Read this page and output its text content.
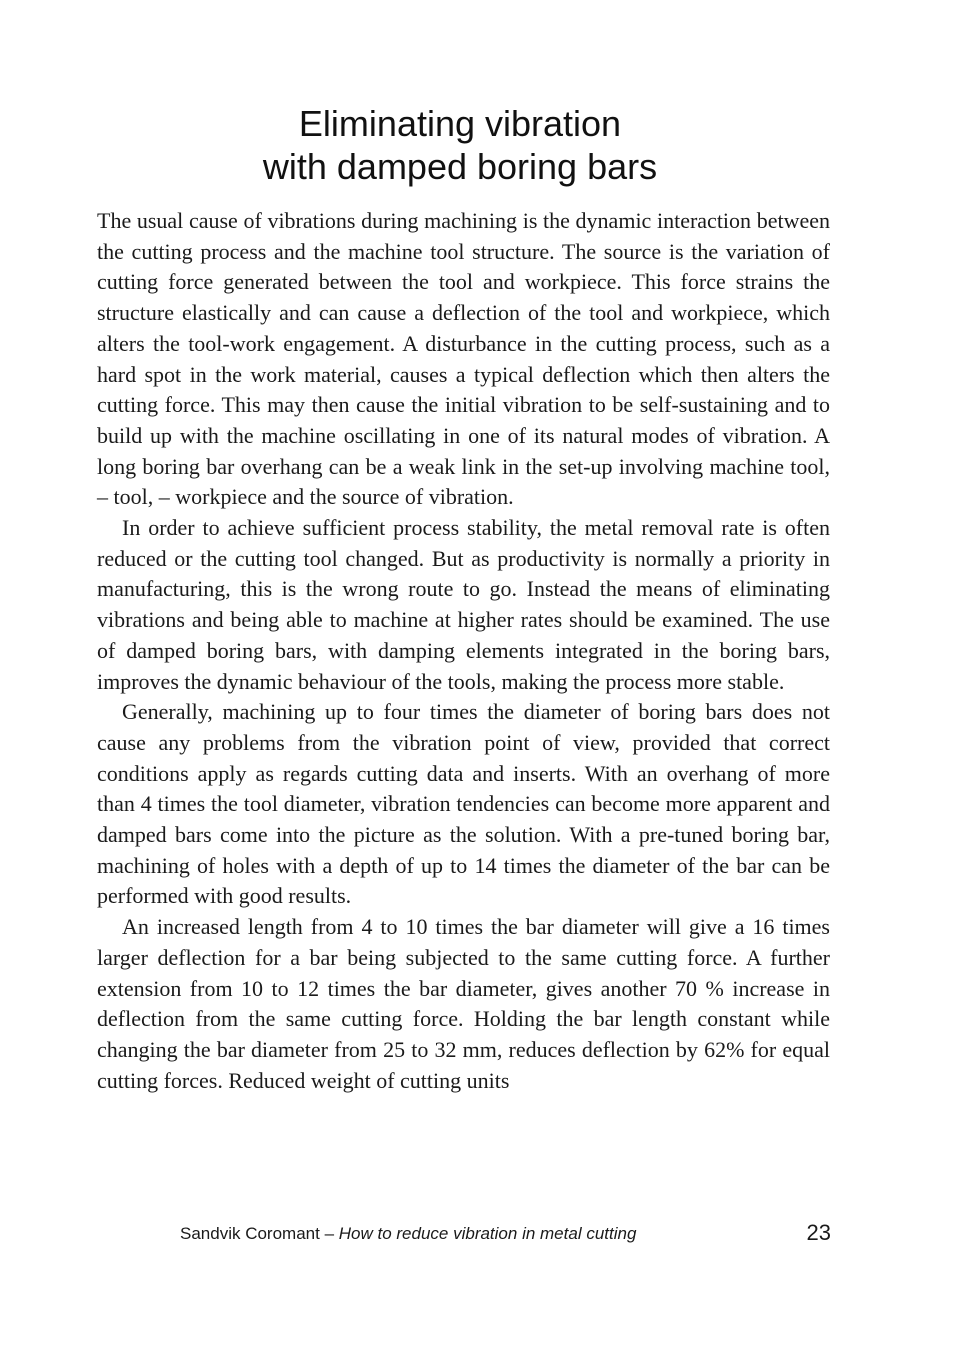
Eliminating vibration
with damped boring bars

The usual cause of vibrations during machining is the dynamic interaction between the cutting process and the machine tool structure. The source is the variation of cutting force generated between the tool and workpiece. This force strains the structure elastically and can cause a deflection of the tool and workpiece, which alters the tool-work engagement. A disturbance in the cutting process, such as a hard spot in the work material, causes a typical deflection which then alters the cutting force. This may then cause the initial vibration to be self-sustaining and to build up with the machine oscillating in one of its natural modes of vibration. A long boring bar overhang can be a weak link in the set-up involving machine tool, – tool, – workpiece and the source of vibration.

In order to achieve sufficient process stability, the metal removal rate is often reduced or the cutting tool changed. But as productivity is normally a priority in manufacturing, this is the wrong route to go. Instead the means of eliminating vibrations and being able to machine at higher rates should be examined. The use of damped boring bars, with damping elements integrated in the boring bars, improves the dynamic behaviour of the tools, making the process more stable.

Generally, machining up to four times the diameter of boring bars does not cause any problems from the vibration point of view, provided that correct conditions apply as regards cutting data and inserts. With an overhang of more than 4 times the tool diameter, vibration tendencies can become more apparent and damped bars come into the picture as the solution. With a pre-tuned boring bar, machining of holes with a depth of up to 14 times the diameter of the bar can be performed with good results.

An increased length from 4 to 10 times the bar diameter will give a 16 times larger deflection for a bar being subjected to the same cutting force. A further extension from 10 to 12 times the bar diameter, gives another 70 % increase in deflection from the same cutting force. Holding the bar length constant while changing the bar diameter from 25 to 32 mm, reduces deflection by 62% for equal cutting forces. Reduced weight of cutting units

Sandvik Coromant – How to reduce vibration in metal cutting	23
